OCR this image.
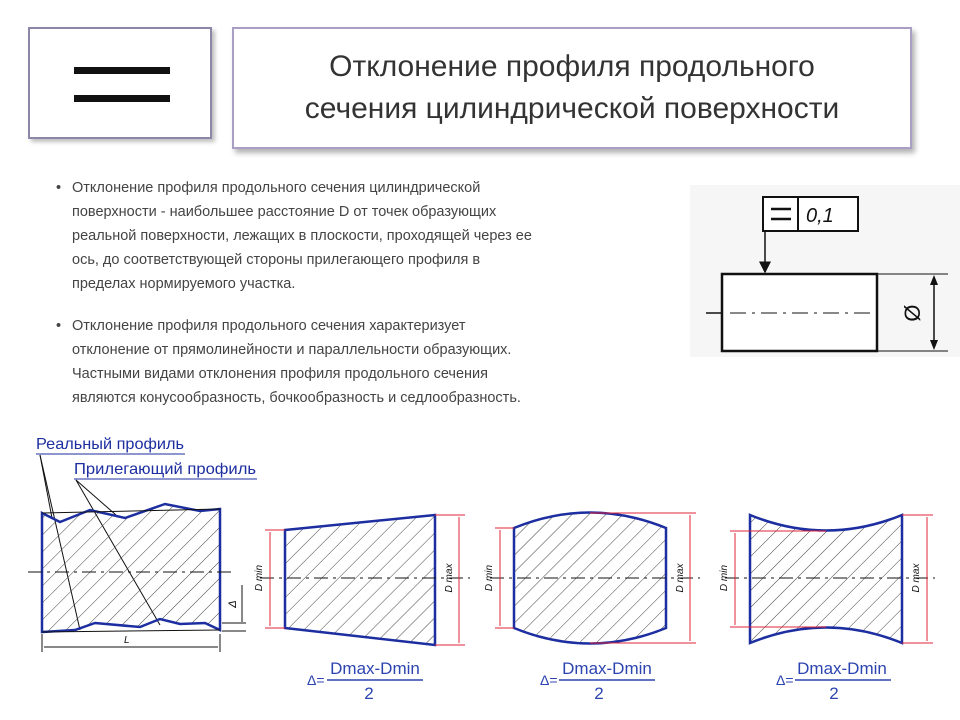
Отклонение профиля продольного
сечения цилиндрической поверхности
• Отклонение профиля продольного сечения цилиндрической
поверхности - наибольшее расстояние D от точек образующих
реальной поверхности, лежащих в плоскости, проходящей через ее
ось, до соответствующей стороны прилегающего профиля в
пределах нормируемого участка.
• Отклонение профиля продольного сечения характеризует
отклонение от прямолинейности и параллельности образующих.
Частными видами отклонения профиля продольного сечения
являются конусообразность, бочкообразность и седлообразность.
0,1
Ø
Реальный профиль
Прилегающий профиль
L
Δ
D min	D max	D min	D max	D min	D max
Δ=
Dmax-Dmin
2
Δ=
Dmax-Dmin
2
Δ=
Dmax-Dmin
2
